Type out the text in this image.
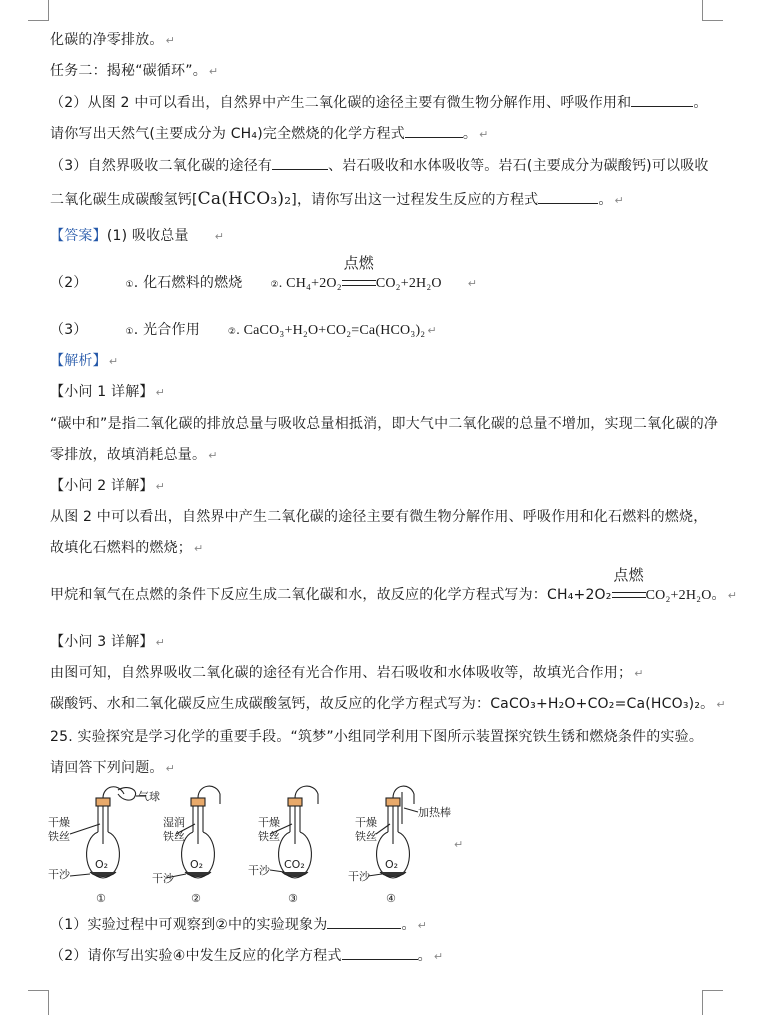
化碳的净零排放。 ↵
任务二：揭秘“碳循环”。 ↵
（2）从图 2 中可以看出，自然界中产生二氧化碳的途径主要有微生物分解作用、呼吸作用和	。
请你写出天然气(主要成分为 CH₄)完全燃烧的化学方程式	。 ↵
（3）自然界吸收二氧化碳的途径有	、岩石吸收和水体吸收等。岩石(主要成分为碳酸钙)可以吸收
二氧化碳生成碳酸氢钙[Ca(HCO₃)₂]，请你写出这一过程发生反应的方程式	。 ↵
【答案】(1) 吸收总量 ↵
（2）	①. 化石燃料的燃烧	②. CH₄+2O₂
点燃
CO₂+2H₂O ↵
（3）	①. 光合作用	②. CaCO₃+H₂O+CO₂=Ca(HCO₃)₂ ↵
【解析】 ↵
【小问 1 详解】 ↵
“碳中和”是指二氧化碳的排放总量与吸收总量相抵消，即大气中二氧化碳的总量不增加，实现二氧化碳的净
零排放，故填消耗总量。 ↵
【小问 2 详解】 ↵
从图 2 中可以看出，自然界中产生二氧化碳的途径主要有微生物分解作用、呼吸作用和化石燃料的燃烧，
故填化石燃料的燃烧； ↵
甲烷和氧气在点燃的条件下反应生成二氧化碳和水，故反应的化学方程式写为：CH₄+2O₂
点燃
CO₂+2H₂O。 ↵
【小问 3 详解】 ↵
由图可知，自然界吸收二氧化碳的途径有光合作用、岩石吸收和水体吸收等，故填光合作用； ↵
碳酸钙、水和二氧化碳反应生成碳酸氢钙，故反应的化学方程式写为：CaCO₃+H₂O+CO₂=Ca(HCO₃)₂。 ↵
25. 实验探究是学习化学的重要手段。“筑梦”小组同学利用下图所示装置探究铁生锈和燃烧条件的实验。
请回答下列问题。 ↵
气球
干燥
铁丝
干沙
O₂
①
湿润
铁丝
干沙
O₂
②
干燥
铁丝
干沙 CO₂
③
加热棒
干燥
铁丝
干沙
O₂
④
↵
（1）实验过程中可观察到②中的实验现象为	。 ↵
（2）请你写出实验④中发生反应的化学方程式	。 ↵
